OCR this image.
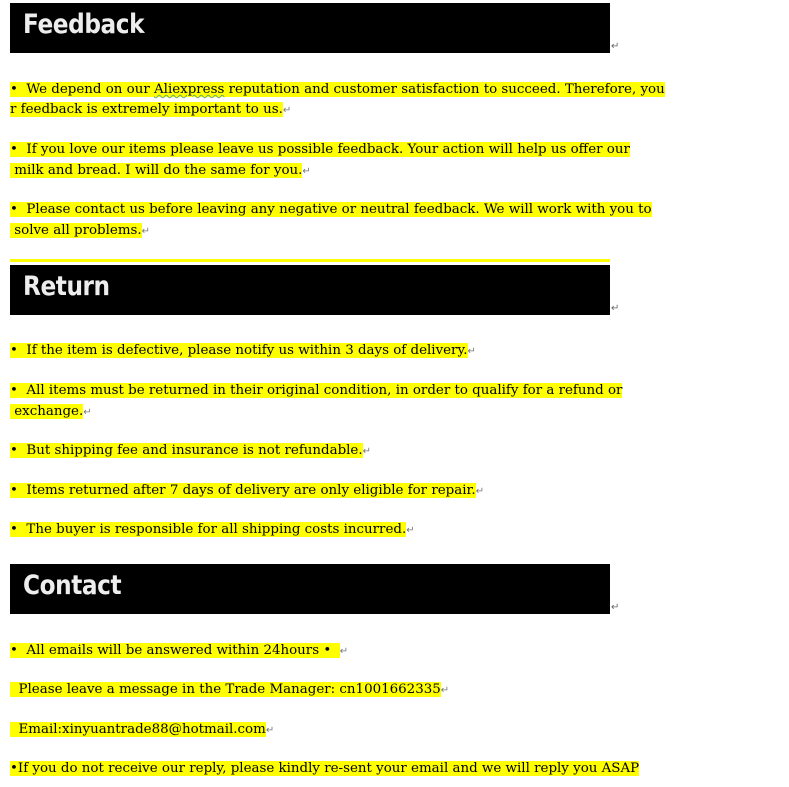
Feedback
↵
•  We depend on our Aliexpress reputation and customer satisfaction to succeed. Therefore, you
r feedback is extremely important to us.↵
•  If you love our items please leave us possible feedback. Your action will help us offer our
milk and bread. I will do the same for you.↵
•  Please contact us before leaving any negative or neutral feedback. We will work with you to
solve all problems.↵
Return
↵
•  If the item is defective, please notify us within 3 days of delivery.↵
•  All items must be returned in their original condition, in order to qualify for a refund or
exchange.↵
•  But shipping fee and insurance is not refundable.↵
•  Items returned after 7 days of delivery are only eligible for repair.↵
•  The buyer is responsible for all shipping costs incurred.↵
Contact
↵
•  All emails will be answered within 24hours •  ↵
Please leave a message in the Trade Manager: cn1001662335↵
Email:xinyuantrade88@hotmail.com↵
•If you do not receive our reply, please kindly re-sent your email and we will reply you ASAP
